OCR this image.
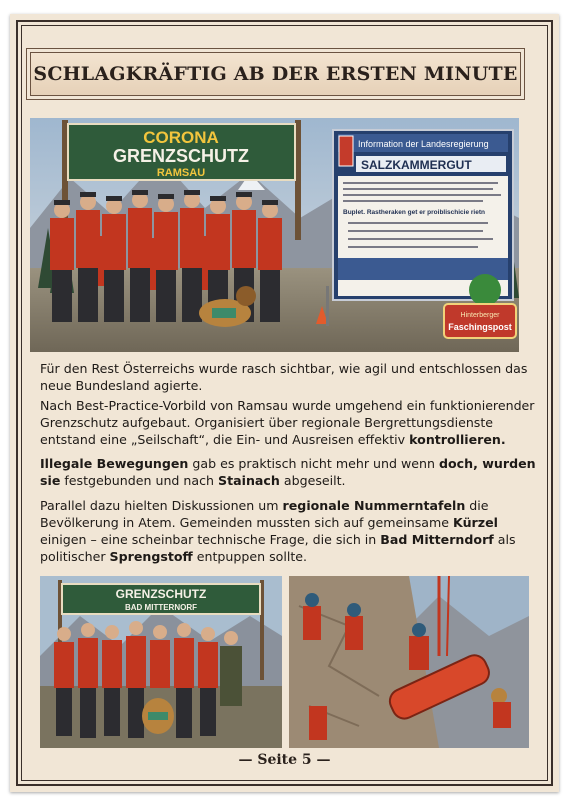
SCHLAGKRÄFTIG AB DER ERSTEN MINUTE
CORONA
GRENZSCHUTZ
RAMSAU
Information der Landesregierung
SALZKAMMERGUT
Buplet. Rastheraken get er proiblischicie rietn
Hinterberger
Faschingspost
Für den Rest Österreichs wurde rasch sichtbar, wie agil und entschlossen das neue Bundesland agierte.
Nach Best-Practice-Vorbild von Ramsau wurde umgehend ein funktionierender Grenzschutz aufgebaut. Organisiert über regionale Bergrettungsdienste entstand eine „Seilschaft“, die Ein- und Ausreisen effektiv kontrollieren.
Illegale Bewegungen gab es praktisch nicht mehr und wenn doch, wurden sie festgebunden und nach Stainach abgeseilt.
Parallel dazu hielten Diskussionen um regionale Nummerntafeln die Bevölkerung in Atem. Gemeinden mussten sich auf gemeinsame Kürzel einigen – eine scheinbar technische Frage, die sich in Bad Mitterndorf als politischer Sprengstoff entpuppen sollte.
GRENZSCHUTZ
BAD MITTERNORF
— Seite 5 —
